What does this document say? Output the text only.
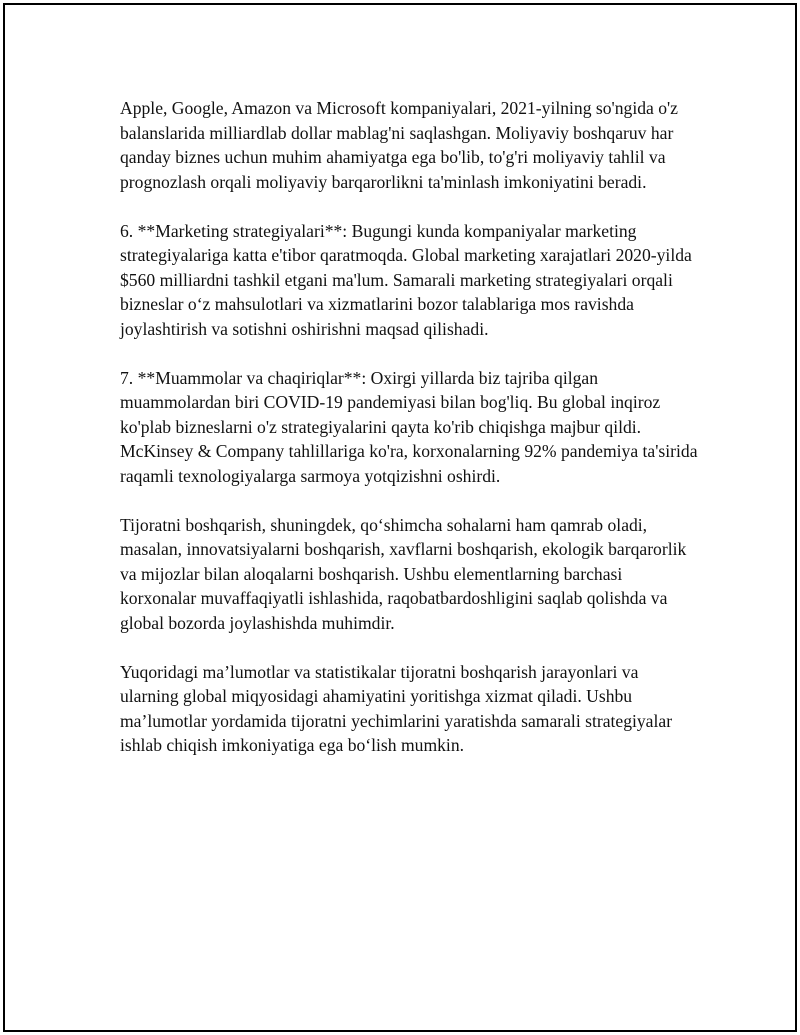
Apple, Google, Amazon va Microsoft kompaniyalari, 2021-yilning so'ngida o'z balanslarida milliardlab dollar mablag'ni saqlashgan. Moliyaviy boshqaruv har qanday biznes uchun muhim ahamiyatga ega bo'lib, to'g'ri moliyaviy tahlil va prognozlash orqali moliyaviy barqarorlikni ta'minlash imkoniyatini beradi.

6. **Marketing strategiyalari**: Bugungi kunda kompaniyalar marketing strategiyalariga katta e'tibor qaratmoqda. Global marketing xarajatlari 2020-yilda $560 milliardni tashkil etgani ma'lum. Samarali marketing strategiyalari orqali bizneslar o‘z mahsulotlari va xizmatlarini bozor talablariga mos ravishda joylashtirish va sotishni oshirishni maqsad qilishadi.

7. **Muammolar va chaqiriqlar**: Oxirgi yillarda biz tajriba qilgan muammolardan biri COVID-19 pandemiyasi bilan bog'liq. Bu global inqiroz ko'plab bizneslarni o'z strategiyalarini qayta ko'rib chiqishga majbur qildi. McKinsey & Company tahlillariga ko'ra, korxonalarning 92% pandemiya ta'sirida raqamli texnologiyalarga sarmoya yotqizishni oshirdi.

Tijoratni boshqarish, shuningdek, qo‘shimcha sohalarni ham qamrab oladi, masalan, innovatsiyalarni boshqarish, xavflarni boshqarish, ekologik barqarorlik va mijozlar bilan aloqalarni boshqarish. Ushbu elementlarning barchasi korxonalar muvaffaqiyatli ishlashida, raqobatbardoshligini saqlab qolishda va global bozorda joylashishda muhimdir.

Yuqoridagi ma’lumotlar va statistikalar tijoratni boshqarish jarayonlari va ularning global miqyosidagi ahamiyatini yoritishga xizmat qiladi. Ushbu ma’lumotlar yordamida tijoratni yechimlarini yaratishda samarali strategiyalar ishlab chiqish imkoniyatiga ega bo‘lish mumkin.
